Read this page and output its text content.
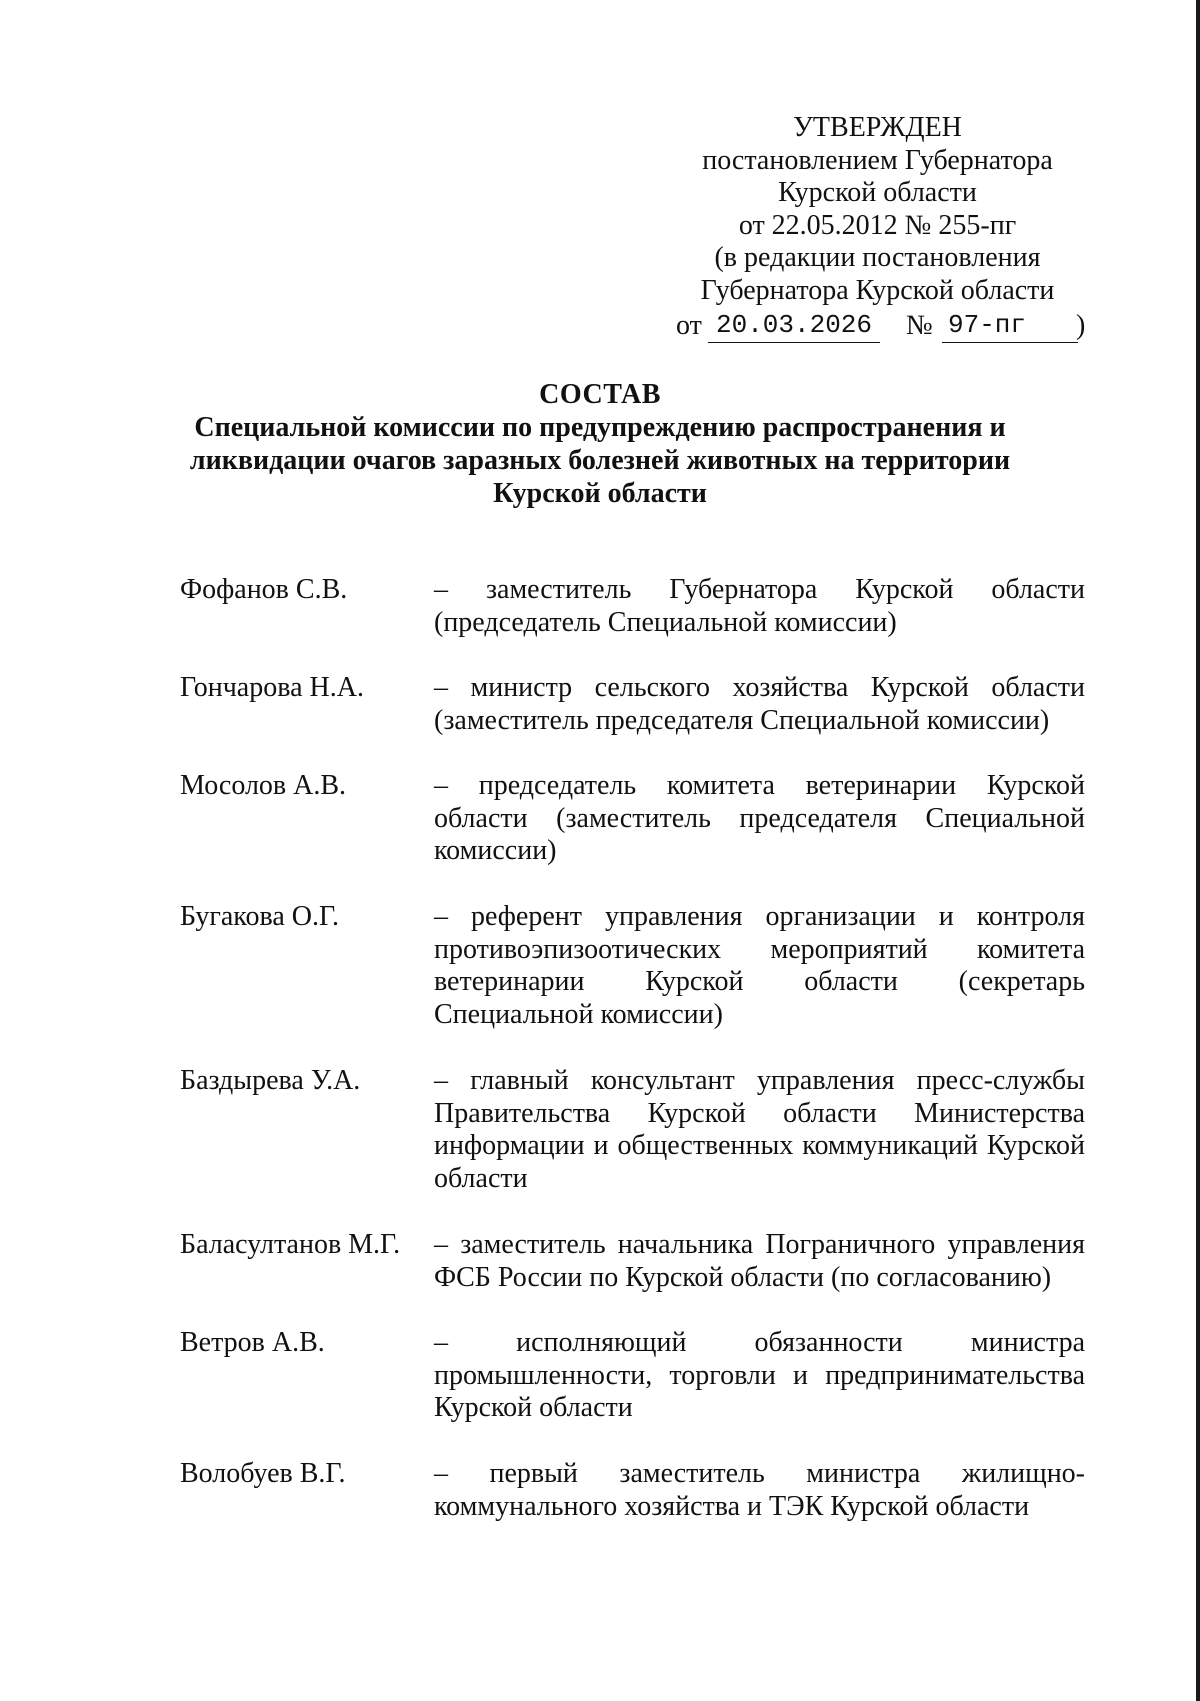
УТВЕРЖДЕН
постановлением Губернатора
Курской области
от 22.05.2012 № 255-пг
(в редакции постановления
Губернатора Курской области
от 20.03.2026 № 97-пг	)
СОСТАВ
Специальной комиссии по предупреждению распространения и
ликвидации очагов заразных болезней животных на территории
Курской области
Фофанов С.В.	– заместитель Губернатора Курской области (председатель Специальной комиссии)
Гончарова Н.А.	– министр сельского хозяйства Курской области (заместитель председателя Специальной комиссии)
Мосолов А.В.	– председатель комитета ветеринарии Курской области (заместитель председателя Специальной комиссии)
Бугакова О.Г.	– референт управления организации и контроля противоэпизоотических мероприятий комитета ветеринарии Курской области (секретарь Специальной комиссии)
Баздырева У.А.	– главный консультант управления пресс-службы Правительства Курской области Министерства информации и общественных коммуникаций Курской области
Баласултанов М.Г.	– заместитель начальника Пограничного управления ФСБ России по Курской области (по согласованию)
Ветров А.В.	– исполняющий обязанности министра промышленности, торговли и предпринимательства Курской области
Волобуев В.Г.	– первый заместитель министра жилищно-коммунального хозяйства и ТЭК Курской области
